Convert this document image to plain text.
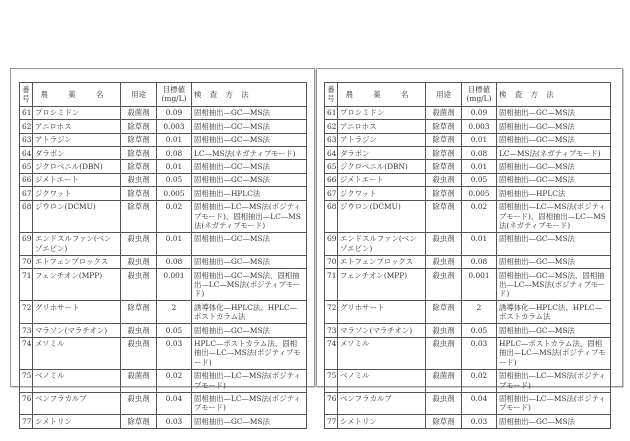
番号	農 薬 名	用途	目標値
(mg/L)	検 査 方 法
61	プロシミドン	殺菌剤	0.09	固相抽出—GC—MS法
62	アニロホス	除草剤	0.003	固相抽出—GC—MS法
63	アトラジン	除草剤	0.01	固相抽出—GC—MS法
64	ダラポン	除草剤	0.08	LC—MS法(ネガティブモード)
65	ジクロベニル(DBN)	除草剤	0.01	固相抽出—GC—MS法
66	ジメトエート	殺虫剤	0.05	固相抽出—GC—MS法
67	ジクワット	除草剤	0.005	固相抽出—HPLC法
68	ジウロン(DCMU)	除草剤	0.02	固相抽出—LC—MS法(ポジティブモード)、固相抽出—LC—MS法(ネガティブモード)
69	エンドスルファン(ベンゾエピン)	殺虫剤	0.01	固相抽出—GC—MS法
70	エトフェンプロックス	殺虫剤	0.08	固相抽出—GC—MS法
71	フェンチオン(MPP)	殺虫剤	0.001	固相抽出—GC—MS法、固相抽出—LC—MS法(ポジティブモード)
72	グリホサート	除草剤	2	誘導体化—HPLC法、HPLC—ポストカラム法
73	マラソン(マラチオン)	殺虫剤	0.05	固相抽出—GC—MS法
74	メソミル	殺虫剤	0.03	HPLC—ポストカラム法、固相抽出—LC—MS法(ポジティブモード)
75	ベノミル	殺菌剤	0.02	固相抽出—LC—MS法(ポジティブモード)
76	ベンフラカルブ	殺虫剤	0.04	固相抽出—LC—MS法(ポジティブモード)
77	シメトリン	除草剤	0.03	固相抽出—GC—MS法
番号	農 薬 名	用途	目標値
(mg/L)	検 査 方 法
61	プロシミドン	殺菌剤	0.09	固相抽出—GC—MS法
62	アニロホス	除草剤	0.003	固相抽出—GC—MS法
63	アトラジン	除草剤	0.01	固相抽出—GC—MS法
64	ダラポン	除草剤	0.08	LC—MS法(ネガティブモード)
65	ジクロベニル(DBN)	除草剤	0.01	固相抽出—GC—MS法
66	ジメトエート	殺虫剤	0.05	固相抽出—GC—MS法
67	ジクワット	除草剤	0.005	固相抽出—HPLC法
68	ジウロン(DCMU)	除草剤	0.02	固相抽出—LC—MS法(ポジティブモード)、固相抽出—LC—MS法(ネガティブモード)
69	エンドスルファン(ベンゾエピン)	殺虫剤	0.01	固相抽出—GC—MS法
70	エトフェンプロックス	殺虫剤	0.08	固相抽出—GC—MS法
71	フェンチオン(MPP)	殺虫剤	0.001	固相抽出—GC—MS法、固相抽出—LC—MS法(ポジティブモード)
72	グリホサート	除草剤	2	誘導体化—HPLC法、HPLC—ポストカラム法
73	マラソン(マラチオン)	殺虫剤	0.05	固相抽出—GC—MS法
74	メソミル	殺虫剤	0.03	HPLC—ポストカラム法、固相抽出—LC—MS法(ポジティブモード)
75	ベノミル	殺菌剤	0.02	固相抽出—LC—MS法(ポジティブモード)
76	ベンフラカルブ	殺虫剤	0.04	固相抽出—LC—MS法(ポジティブモード)
77	シメトリン	除草剤	0.03	固相抽出—GC—MS法
